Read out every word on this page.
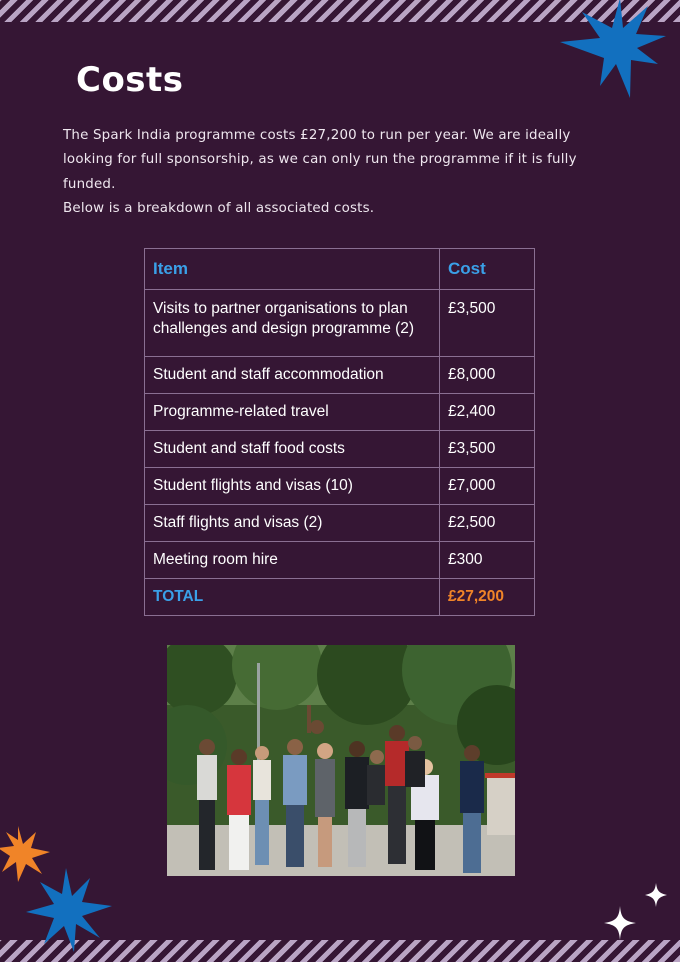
Costs

The Spark India programme costs £27,200 to run per year. We are ideally looking for full sponsorship, as we can only run the programme if it is fully funded.

Below is a breakdown of all associated costs.

Item	Cost
Visits to partner organisations to plan challenges and design programme (2)	£3,500
Student and staff accommodation	£8,000
Programme-related travel	£2,400
Student and staff food costs	£3,500
Student flights and visas (10)	£7,000
Staff flights and visas (2)	£2,500
Meeting room hire	£300
TOTAL	£27,200
